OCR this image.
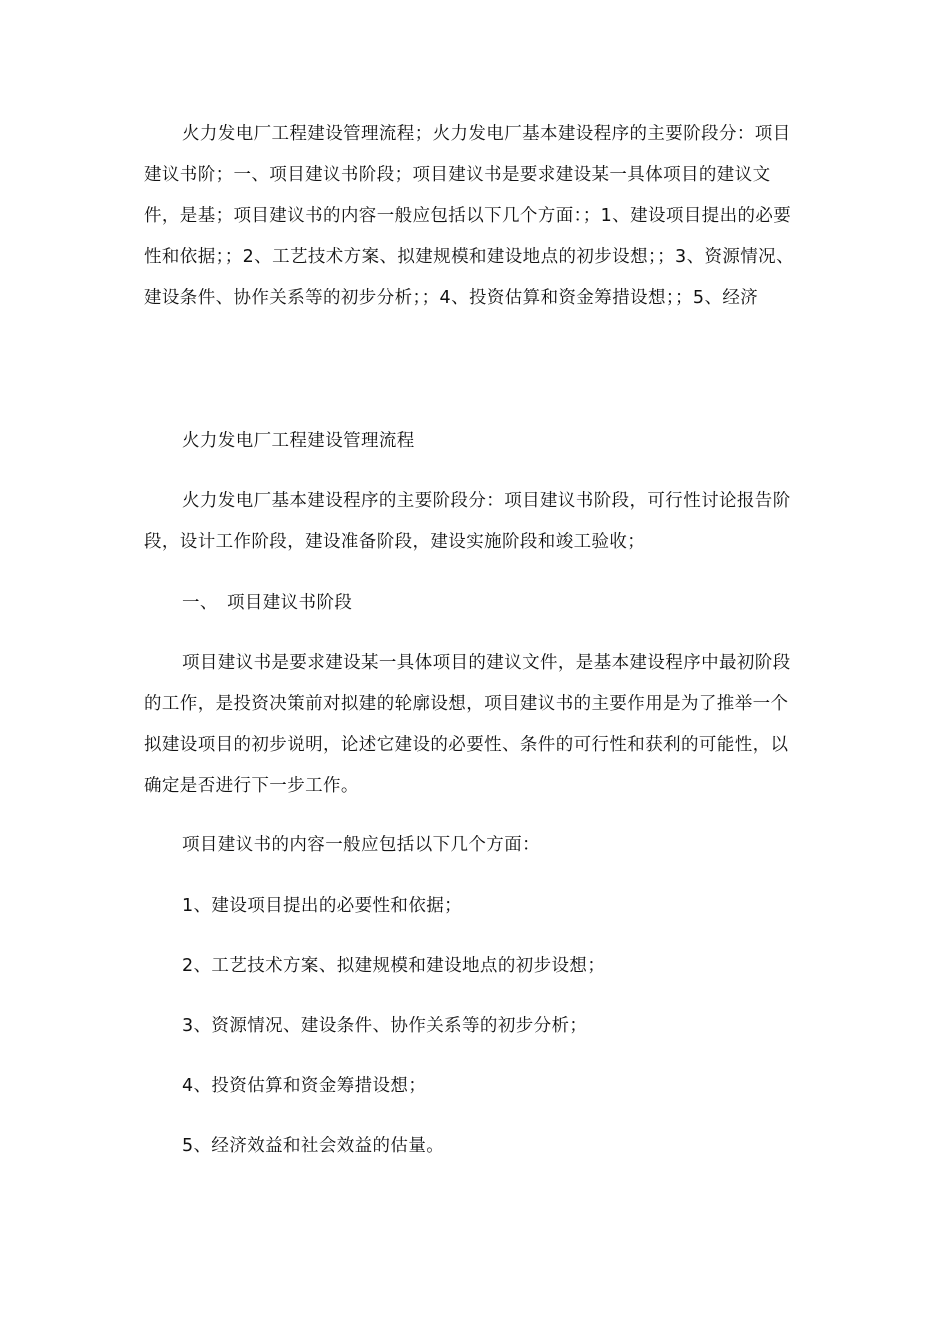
火力发电厂工程建设管理流程；火力发电厂基本建设程序的主要阶段分：项目建议书阶；一、项目建议书阶段；项目建议书是要求建设某一具体项目的建议文件，是基；项目建议书的内容一般应包括以下几个方面：；1、建设项目提出的必要性和依据；；2、工艺技术方案、拟建规模和建设地点的初步设想；；3、资源情况、建设条件、协作关系等的初步分析；；4、投资估算和资金筹措设想；；5、经济

火力发电厂工程建设管理流程

火力发电厂基本建设程序的主要阶段分：项目建议书阶段，可行性讨论报告阶段，设计工作阶段，建设准备阶段，建设实施阶段和竣工验收；

一、　项目建议书阶段

项目建议书是要求建设某一具体项目的建议文件，是基本建设程序中最初阶段的工作，是投资决策前对拟建的轮廓设想，项目建议书的主要作用是为了推举一个拟建设项目的初步说明，论述它建设的必要性、条件的可行性和获利的可能性，以确定是否进行下一步工作。

项目建议书的内容一般应包括以下几个方面：

1、建设项目提出的必要性和依据；

2、工艺技术方案、拟建规模和建设地点的初步设想；

3、资源情况、建设条件、协作关系等的初步分析；

4、投资估算和资金筹措设想；

5、经济效益和社会效益的估量。
